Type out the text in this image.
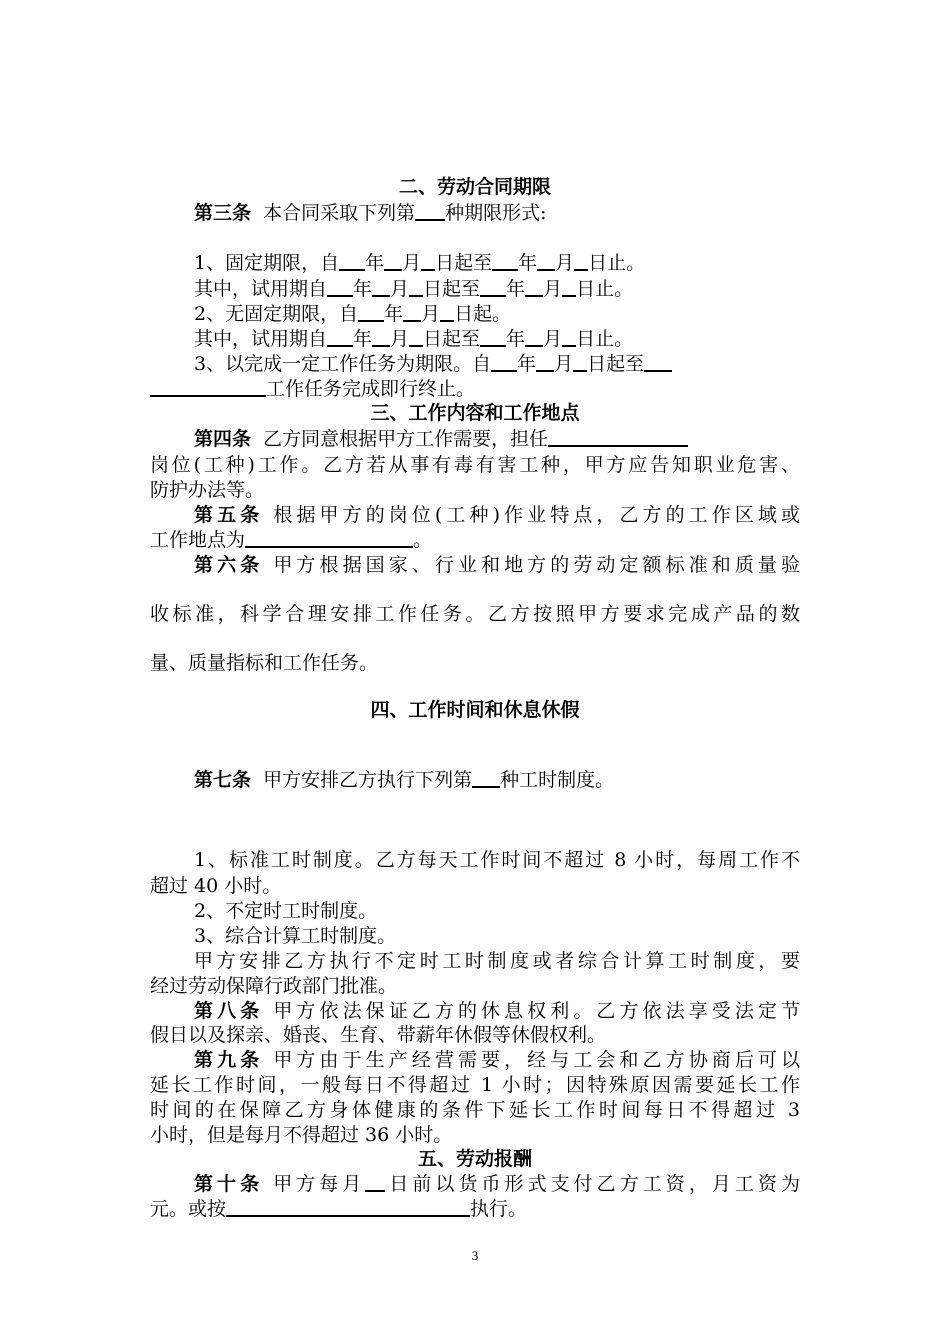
二、劳动合同期限
第三条 本合同采取下列第 种期限形式:
1、固定期限，自 年 月 日起至 年 月 日止。
其中，试用期自 年 月 日起至 年 月 日止。
2、无固定期限，自 年 月 日起。
其中，试用期自 年 月 日起至 年 月 日止。
3、以完成一定工作任务为期限。自 年 月 日起至
工作任务完成即行终止。
三、工作内容和工作地点
第四条 乙方同意根据甲方工作需要，担任
岗位(工种)工作。乙方若从事有毒有害工种，甲方应告知职业危害、
防护办法等。
第五条 根据甲方的岗位(工种)作业特点，乙方的工作区域或
工作地点为	。
第六条 甲方根据国家、行业和地方的劳动定额标准和质量验
收标准，科学合理安排工作任务。乙方按照甲方要求完成产品的数
量、质量指标和工作任务。
四、工作时间和休息休假
第七条 甲方安排乙方执行下列第 种工时制度。
1、标准工时制度。乙方每天工作时间不超过 8 小时，每周工作不
超过 40 小时。
2、不定时工时制度。
3、综合计算工时制度。
甲方安排乙方执行不定时工时制度或者综合计算工时制度，要
经过劳动保障行政部门批准。
第八条 甲方依法保证乙方的休息权利。乙方依法享受法定节
假日以及探亲、婚丧、生育、带薪年休假等休假权利。
第九条 甲方由于生产经营需要，经与工会和乙方协商后可以
延长工作时间，一般每日不得超过 1 小时；因特殊原因需要延长工作
时间的在保障乙方身体健康的条件下延长工作时间每日不得超过 3
小时，但是每月不得超过 36 小时。
五、劳动报酬
第十条 甲方每月 日前以货币形式支付乙方工资，月工资为
元。或按	执行。
3
